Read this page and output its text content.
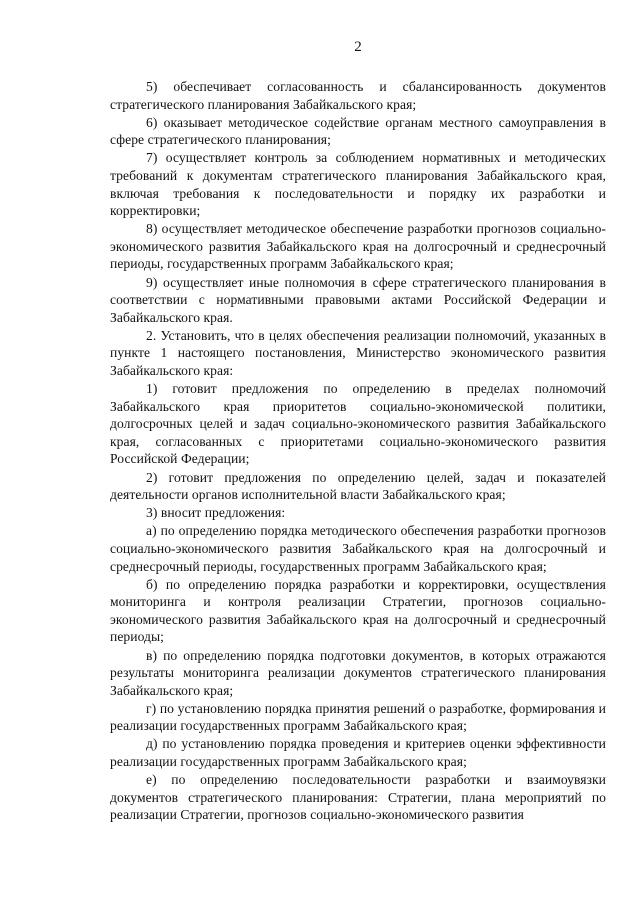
2

5) обеспечивает согласованность и сбалансированность документов стратегического планирования Забайкальского края;

6) оказывает методическое содействие органам местного самоуправления в сфере стратегического планирования;

7) осуществляет контроль за соблюдением нормативных и методических требований к документам стратегического планирования Забайкальского края, включая требования к последовательности и порядку их разработки и корректировки;

8) осуществляет методическое обеспечение разработки прогнозов социально-экономического развития Забайкальского края на долгосрочный и среднесрочный периоды, государственных программ Забайкальского края;

9) осуществляет иные полномочия в сфере стратегического планирования в соответствии с нормативными правовыми актами Российской Федерации и Забайкальского края.

2. Установить, что в целях обеспечения реализации полномочий, указанных в пункте 1 настоящего постановления, Министерство экономического развития Забайкальского края:

1) готовит предложения по определению в пределах полномочий Забайкальского края приоритетов социально-экономической политики, долгосрочных целей и задач социально-экономического развития Забайкальского края, согласованных с приоритетами социально-экономического развития Российской Федерации;

2) готовит предложения по определению целей, задач и показателей деятельности органов исполнительной власти Забайкальского края;

3) вносит предложения:

а) по определению порядка методического обеспечения разработки прогнозов социально-экономического развития Забайкальского края на долгосрочный и среднесрочный периоды, государственных программ Забайкальского края;

б) по определению порядка разработки и корректировки, осуществления мониторинга и контроля реализации Стратегии, прогнозов социально-экономического развития Забайкальского края на долгосрочный и среднесрочный периоды;

в) по определению порядка подготовки документов, в которых отражаются результаты мониторинга реализации документов стратегического планирования Забайкальского края;

г) по установлению порядка принятия решений о разработке, формирования и реализации государственных программ Забайкальского края;

д) по установлению порядка проведения и критериев оценки эффективности реализации государственных программ Забайкальского края;

е) по определению последовательности разработки и взаимоувязки документов стратегического планирования: Стратегии, плана мероприятий по реализации Стратегии, прогнозов социально-экономического развития
